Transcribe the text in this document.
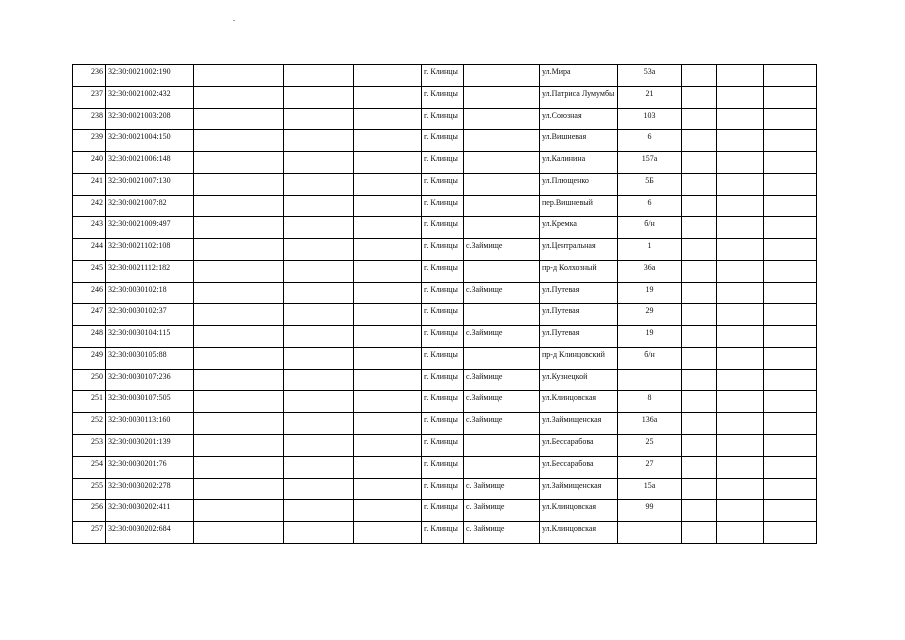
236	32:30:0021002:190				г. Клинцы		ул.Мира	53а			
237	32:30:0021002:432				г. Клинцы		ул.Патриса Лумумбы	21			
238	32:30:0021003:208				г. Клинцы		ул.Союзная	103			
239	32:30:0021004:150				г. Клинцы		ул.Вишневая	6			
240	32:30:0021006:148				г. Клинцы		ул.Калинина	157а			
241	32:30:0021007:130				г. Клинцы		ул.Плющенко	5Б			
242	32:30:0021007:82				г. Клинцы		пер.Вишневый	6			
243	32:30:0021009:497				г. Клинцы		ул.Кремка	б/н			
244	32:30:0021102:108				г. Клинцы	с.Займище	ул.Центральная	1			
245	32:30:0021112:182				г. Клинцы		пр-д Колхозный	36а			
246	32:30:0030102:18				г. Клинцы	с.Займище	ул.Путевая	19			
247	32:30:0030102:37				г. Клинцы		ул.Путевая	29			
248	32:30:0030104:115				г. Клинцы	с.Займище	ул.Путевая	19			
249	32:30:0030105:88				г. Клинцы		пр-д Клинцовский	б/н			
250	32:30:0030107:236				г. Клинцы	с.Займище	ул.Кузнецкой				
251	32:30:0030107:505				г. Клинцы	с.Займище	ул.Клинцовская	8			
252	32:30:0030113:160				г. Клинцы	с.Займище	ул.Займищенская	136а			
253	32:30:0030201:139				г. Клинцы		ул.Бессарабова	25			
254	32:30:0030201:76				г. Клинцы		ул.Бессарабова	27			
255	32:30:0030202:278				г. Клинцы	с. Займище	ул.Займищенская	15а			
256	32:30:0030202:411				г. Клинцы	с. Займище	ул.Клинцовская	99			
257	32:30:0030202:684				г. Клинцы	с. Займище	ул.Клинцовская				
